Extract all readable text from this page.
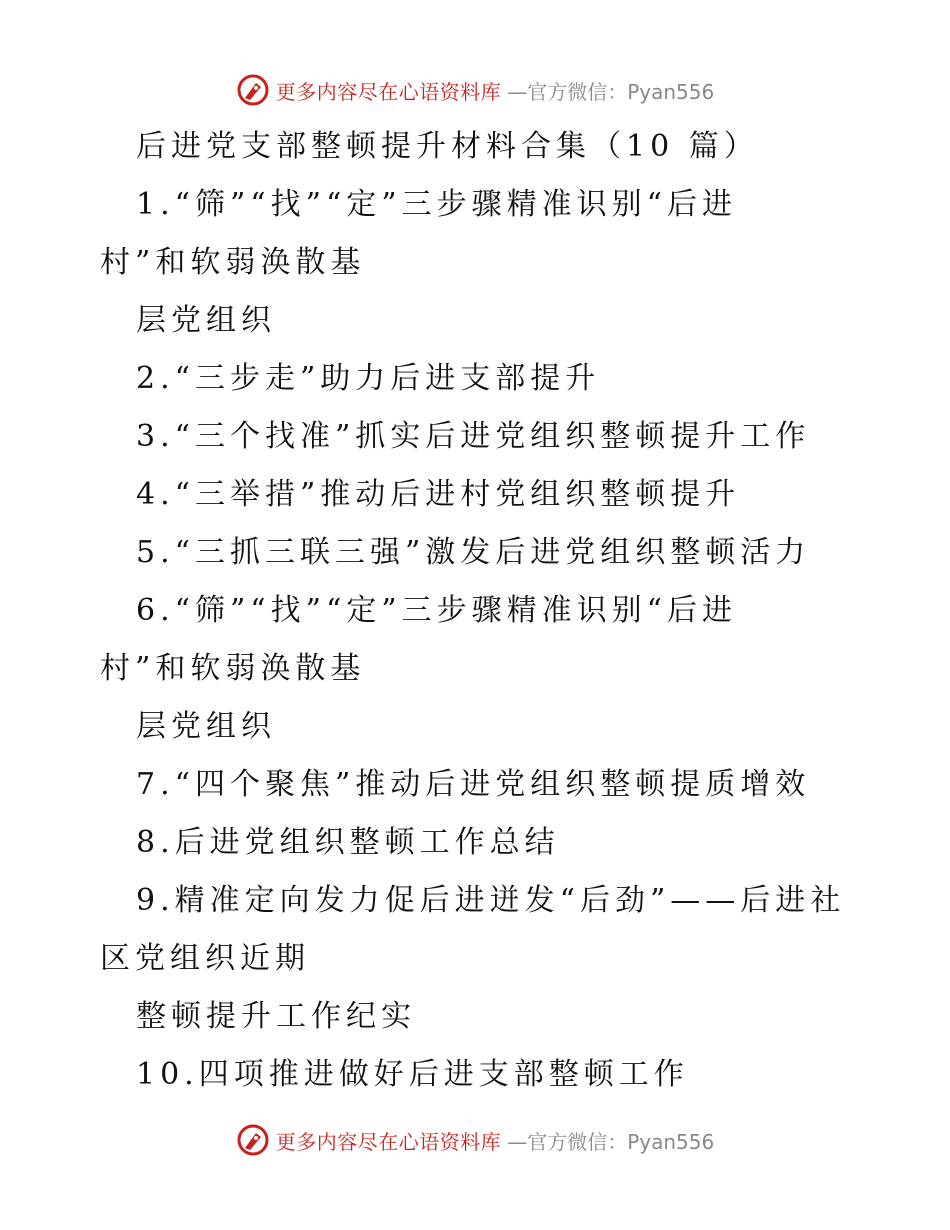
更多内容尽在心语资料库 —官方微信：Pyan556
后进党支部整顿提升材料合集（10 篇）
1.“筛”“找”“定”三步骤精准识别“后进
村”和软弱涣散基
层党组织
2.“三步走”助力后进支部提升
3.“三个找准”抓实后进党组织整顿提升工作
4.“三举措”推动后进村党组织整顿提升
5.“三抓三联三强”激发后进党组织整顿活力
6.“筛”“找”“定”三步骤精准识别“后进
村”和软弱涣散基
层党组织
7.“四个聚焦”推动后进党组织整顿提质增效
8.后进党组织整顿工作总结
9.精准定向发力促后进迸发“后劲”——后进社
区党组织近期
整顿提升工作纪实
10.四项推进做好后进支部整顿工作
更多内容尽在心语资料库 —官方微信：Pyan556
